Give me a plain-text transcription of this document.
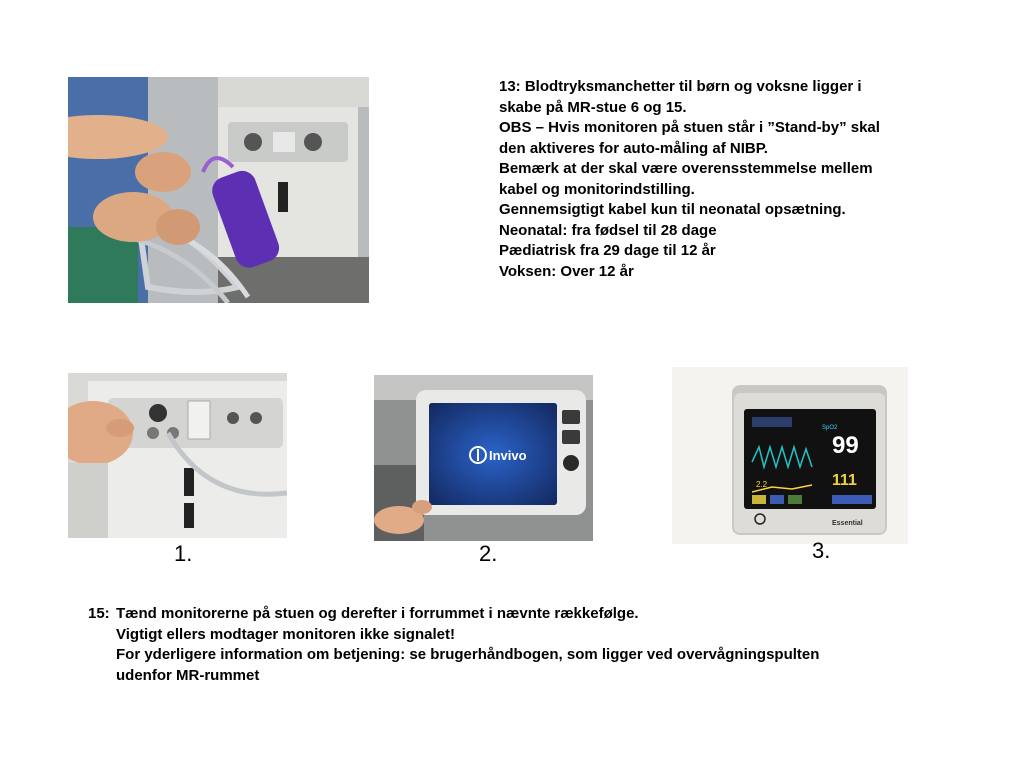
13: Blodtryksmanchetter til børn og voksne ligger i
skabe på MR-stue 6 og 15.
OBS – Hvis monitoren på stuen står i ”Stand-by” skal
den aktiveres for auto-måling af NIBP.
Bemærk at der skal være overensstemmelse mellem
kabel og monitorindstilling.
Gennemsigtigt kabel kun til neonatal opsætning.
Neonatal: fra fødsel til 28 dage
Pædiatrisk fra 29 dage til 12 år
Voksen: Over 12 år
Invivo
SpO2
99
111
2.2
Essential
1.	2.	3.
15: Tænd monitorerne på stuen og derefter i forrummet i nævnte rækkefølge.
Vigtigt ellers modtager monitoren ikke signalet!
For yderligere information om betjening: se brugerhåndbogen, som ligger ved overvågningspulten
udenfor MR-rummet
